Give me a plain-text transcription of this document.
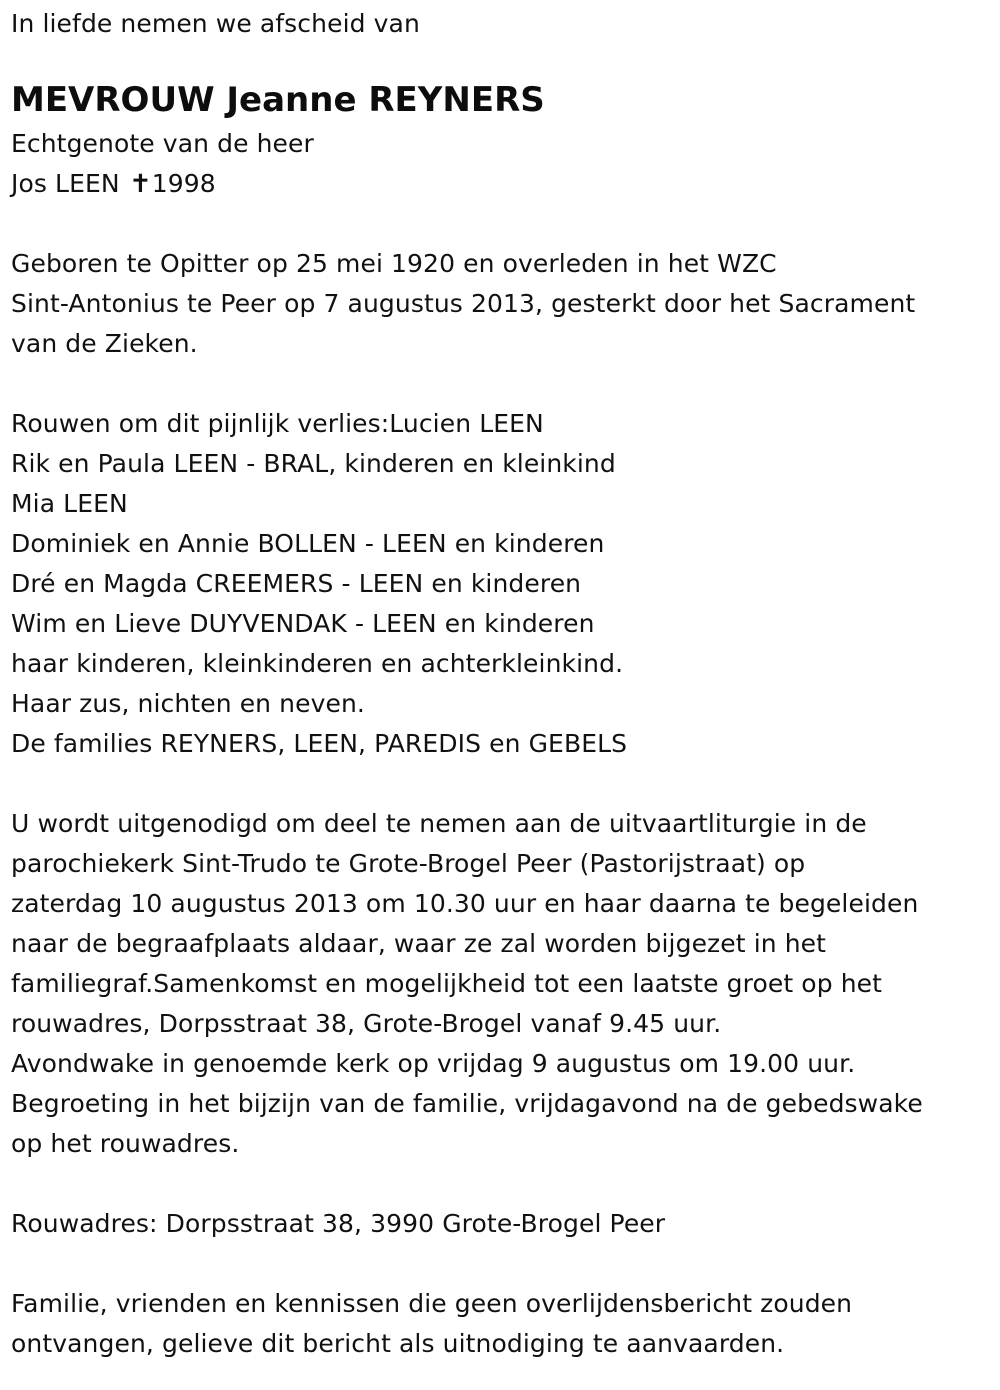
In liefde nemen we afscheid van
MEVROUW Jeanne REYNERS
Echtgenote van de heer
Jos LEEN ✝1998
Geboren te Opitter op 25 mei 1920 en overleden in het WZC
Sint-Antonius te Peer op 7 augustus 2013, gesterkt door het Sacrament
van de Zieken.
Rouwen om dit pijnlijk verlies:Lucien LEEN
Rik en Paula LEEN - BRAL, kinderen en kleinkind
Mia LEEN
Dominiek en Annie BOLLEN - LEEN en kinderen
Dré en Magda CREEMERS - LEEN en kinderen
Wim en Lieve DUYVENDAK - LEEN en kinderen
haar kinderen, kleinkinderen en achterkleinkind.
Haar zus, nichten en neven.
De families REYNERS, LEEN, PAREDIS en GEBELS
U wordt uitgenodigd om deel te nemen aan de uitvaartliturgie in de
parochiekerk Sint-Trudo te Grote-Brogel Peer (Pastorijstraat) op
zaterdag 10 augustus 2013 om 10.30 uur en haar daarna te begeleiden
naar de begraafplaats aldaar, waar ze zal worden bijgezet in het
familiegraf.Samenkomst en mogelijkheid tot een laatste groet op het
rouwadres, Dorpsstraat 38, Grote-Brogel vanaf 9.45 uur.
Avondwake in genoemde kerk op vrijdag 9 augustus om 19.00 uur.
Begroeting in het bijzijn van de familie, vrijdagavond na de gebedswake
op het rouwadres.
Rouwadres: Dorpsstraat 38, 3990 Grote-Brogel Peer
Familie, vrienden en kennissen die geen overlijdensbericht zouden
ontvangen, gelieve dit bericht als uitnodiging te aanvaarden.
